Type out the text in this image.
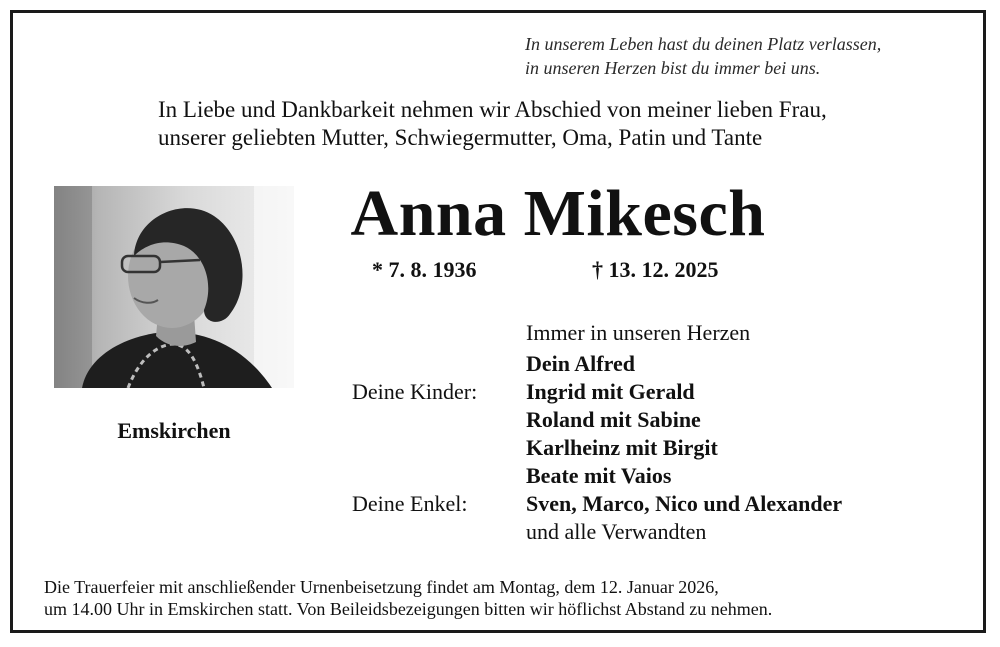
In unserem Leben hast du deinen Platz verlassen,
in unseren Herzen bist du immer bei uns.
In Liebe und Dankbarkeit nehmen wir Abschied von meiner lieben Frau,
unserer geliebten Mutter, Schwiegermutter, Oma, Patin und Tante
Emskirchen
Anna Mikesch
* 7. 8. 1936	† 13. 12. 2025
Immer in unseren Herzen
Dein Alfred
Deine Kinder:	Ingrid mit Gerald
Roland mit Sabine
Karlheinz mit Birgit
Beate mit Vaios
Deine Enkel:	Sven, Marco, Nico und Alexander
und alle Verwandten
Die Trauerfeier mit anschließender Urnenbeisetzung findet am Montag, dem 12. Januar 2026,
um 14.00 Uhr in Emskirchen statt. Von Beileidsbezeigungen bitten wir höflichst Abstand zu nehmen.
